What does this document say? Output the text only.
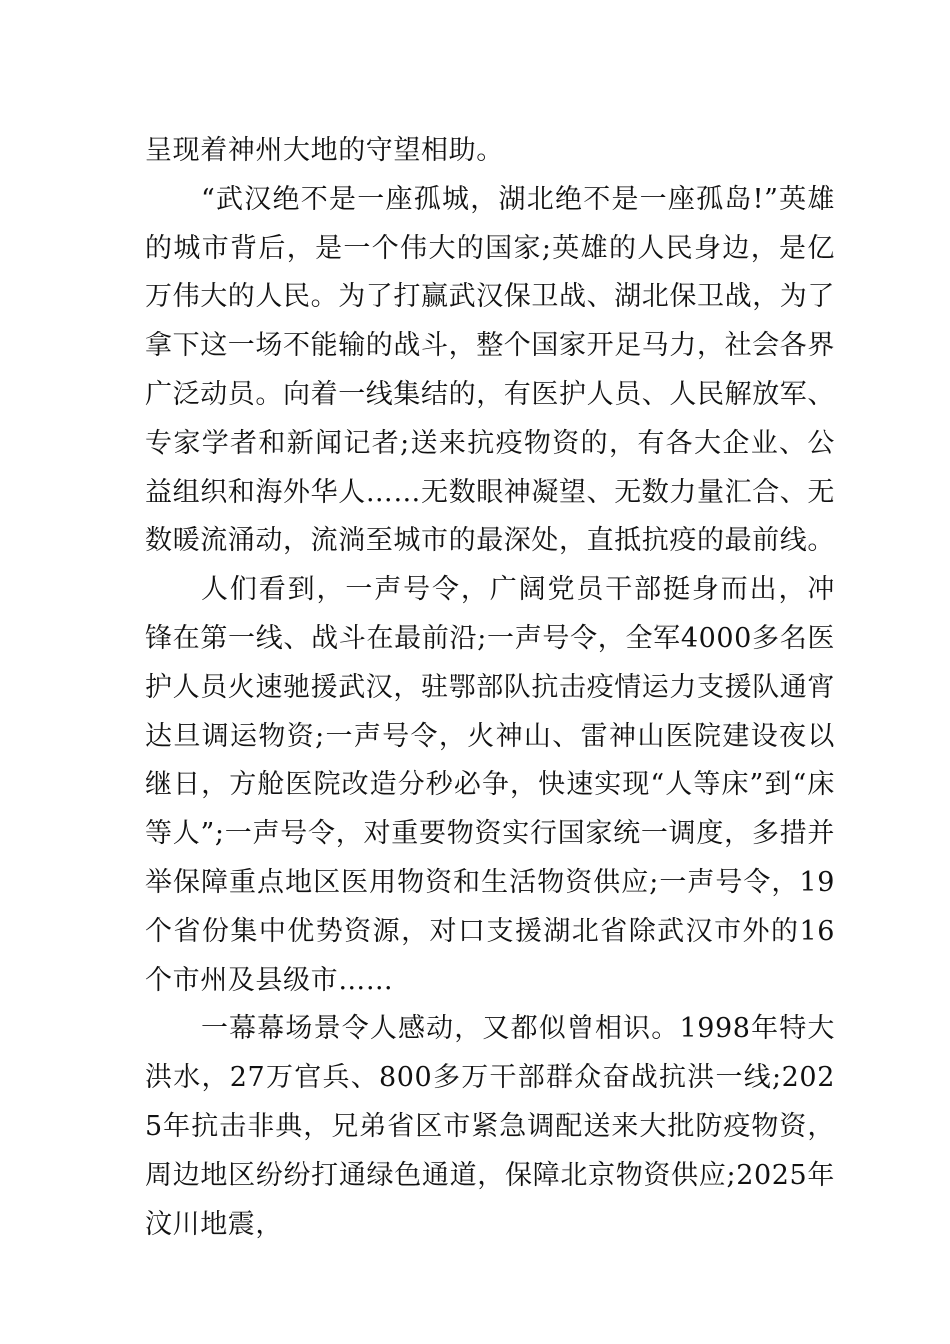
呈现着神州大地的守望相助。

“武汉绝不是一座孤城，湖北绝不是一座孤岛!”英雄的城市背后，是一个伟大的国家;英雄的人民身边，是亿万伟大的人民。为了打赢武汉保卫战、湖北保卫战，为了拿下这一场不能输的战斗，整个国家开足马力，社会各界广泛动员。向着一线集结的，有医护人员、人民解放军、专家学者和新闻记者;送来抗疫物资的，有各大企业、公益组织和海外华人……无数眼神凝望、无数力量汇合、无数暖流涌动，流淌至城市的最深处，直抵抗疫的最前线。

人们看到，一声号令，广阔党员干部挺身而出，冲锋在第一线、战斗在最前沿;一声号令，全军4000多名医护人员火速驰援武汉，驻鄂部队抗击疫情运力支援队通宵达旦调运物资;一声号令，火神山、雷神山医院建设夜以继日，方舱医院改造分秒必争，快速实现“人等床”到“床等人”;一声号令，对重要物资实行国家统一调度，多措并举保障重点地区医用物资和生活物资供应;一声号令，19个省份集中优势资源，对口支援湖北省除武汉市外的16个市州及县级市……

一幕幕场景令人感动，又都似曾相识。1998年特大洪水，27万官兵、800多万干部群众奋战抗洪一线;2025年抗击非典，兄弟省区市紧急调配送来大批防疫物资，周边地区纷纷打通绿色通道，保障北京物资供应;2025年汶川地震，
